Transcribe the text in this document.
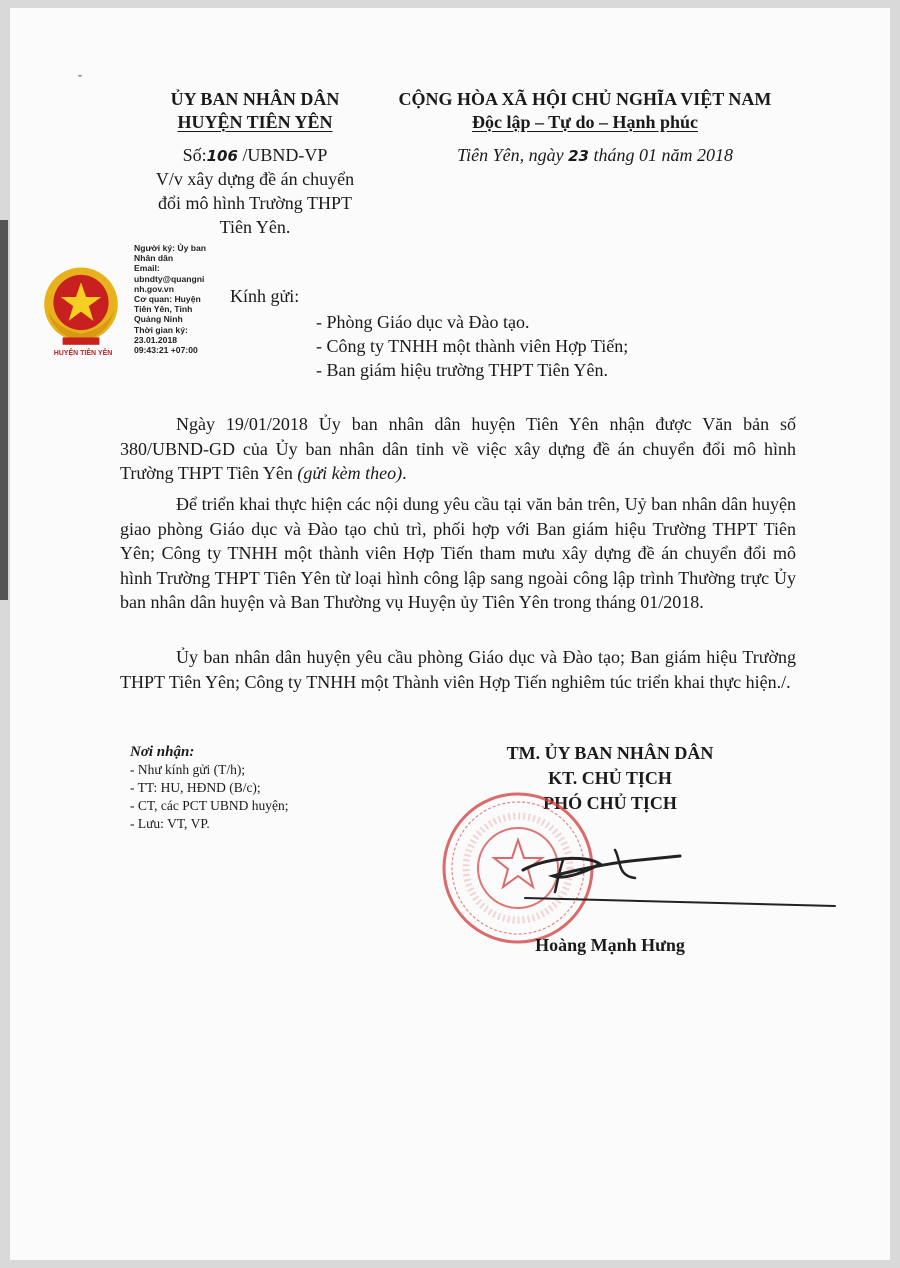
ˇ
ỦY BAN NHÂN DÂN
HUYỆN TIÊN YÊN
CỘNG HÒA XÃ HỘI CHỦ NGHĨA VIỆT NAM
Độc lập – Tự do – Hạnh phúc
Số:106 /UBND-VP
V/v xây dựng đề án chuyển
đổi mô hình Trường THPT
Tiên Yên.
Tiên Yên, ngày 23 tháng 01 năm 2018
HUYỆN TIÊN YÊN
Người ký: Ủy ban
Nhân dân
Email:
ubndty@quangni
nh.gov.vn
Cơ quan: Huyện
Tiên Yên, Tỉnh
Quảng Ninh
Thời gian ký:
23.01.2018
09:43:21 +07:00
Kính gửi:
- Phòng Giáo dục và Đào tạo.
- Công ty TNHH một thành viên Hợp Tiến;
- Ban giám hiệu trường THPT Tiên Yên.

Ngày 19/01/2018 Ủy ban nhân dân huyện Tiên Yên nhận được Văn bản số 380/UBND-GD của Ủy ban nhân dân tỉnh về việc xây dựng đề án chuyển đổi mô hình Trường THPT Tiên Yên (gửi kèm theo).

Để triển khai thực hiện các nội dung yêu cầu tại văn bản trên, Uỷ ban nhân dân huyện giao phòng Giáo dục và Đào tạo chủ trì, phối hợp với Ban giám hiệu Trường THPT Tiên Yên; Công ty TNHH một thành viên Hợp Tiến tham mưu xây dựng đề án chuyển đổi mô hình Trường THPT Tiên Yên từ loại hình công lập sang ngoài công lập trình Thường trực Ủy ban nhân dân huyện và Ban Thường vụ Huyện ủy Tiên Yên trong tháng 01/2018.

Ủy ban nhân dân huyện yêu cầu phòng Giáo dục và Đào tạo; Ban giám hiệu Trường THPT Tiên Yên; Công ty TNHH một Thành viên Hợp Tiến nghiêm túc triển khai thực hiện./.

Nơi nhận:
- Như kính gửi (T/h);
- TT: HU, HĐND (B/c);
- CT, các PCT UBND huyện;
- Lưu: VT, VP.
TM. ỦY BAN NHÂN DÂN
KT. CHỦ TỊCH
PHÓ CHỦ TỊCH
Hoàng Mạnh Hưng
